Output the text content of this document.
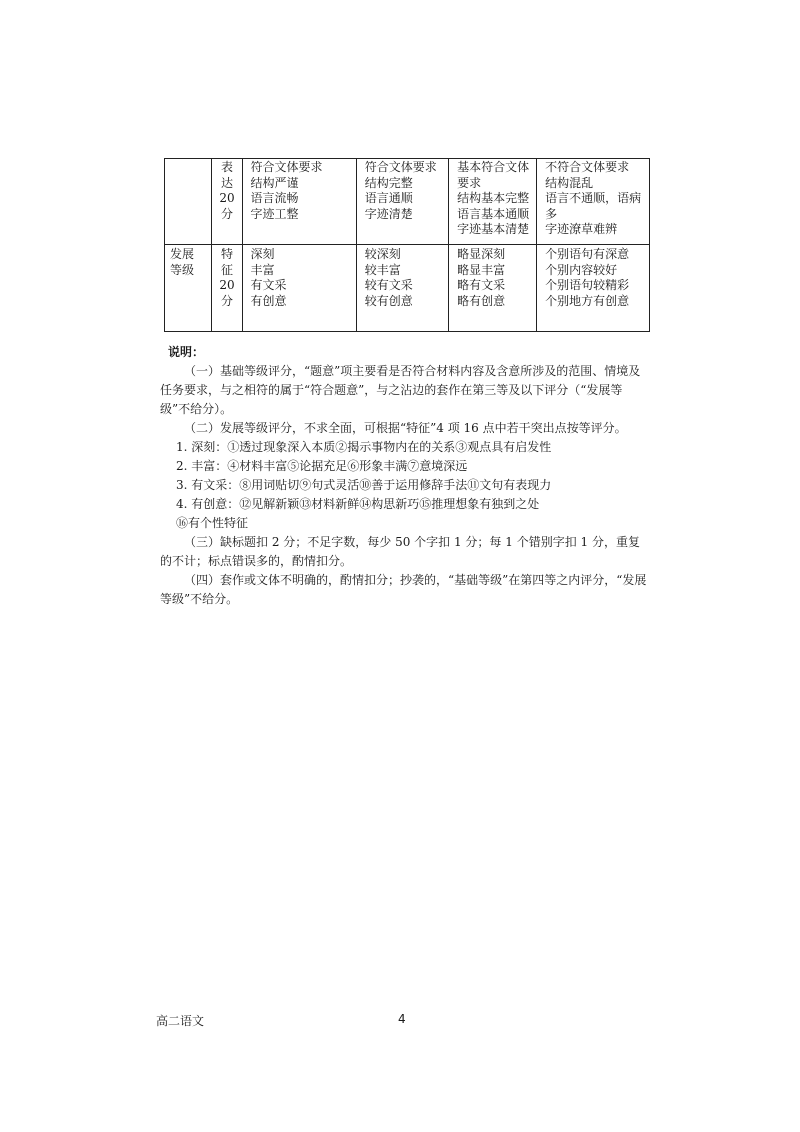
	表
达
20
分	符合文体要求
结构严谨
语言流畅
字迹工整	符合文体要求
结构完整
语言通顺
字迹清楚	基本符合文体
要求
结构基本完整
语言基本通顺
字迹基本清楚	不符合文体要求
结构混乱
语言不通顺，语病
多
字迹潦草难辨

发展
等级	特
征
20
分	深刻
丰富
有文采
有创意	较深刻
较丰富
较有文采
较有创意	略显深刻
略显丰富
略有文采
略有创意	个别语句有深意
个别内容较好
个别语句较精彩
个别地方有创意

说明：

（一）基础等级评分，“题意”项主要看是否符合材料内容及含意所涉及的范围、情境及任务要求，与之相符的属于“符合题意”，与之沾边的套作在第三等及以下评分（“发展等级”不给分）。

（二）发展等级评分，不求全面，可根据“特征”4 项 16 点中若干突出点按等评分。

1. 深刻：①透过现象深入本质②揭示事物内在的关系③观点具有启发性

2. 丰富：④材料丰富⑤论据充足⑥形象丰满⑦意境深远

3. 有文采：⑧用词贴切⑨句式灵活⑩善于运用修辞手法⑪文句有表现力

4. 有创意：⑫见解新颖⑬材料新鲜⑭构思新巧⑮推理想象有独到之处

⑯有个性特征

（三）缺标题扣 2 分；不足字数，每少 50 个字扣 1 分；每 1 个错别字扣 1 分，重复的不计；标点错误多的，酌情扣分。

（四）套作或文体不明确的，酌情扣分；抄袭的，“基础等级”在第四等之内评分，“发展等级”不给分。

高二语文	4
